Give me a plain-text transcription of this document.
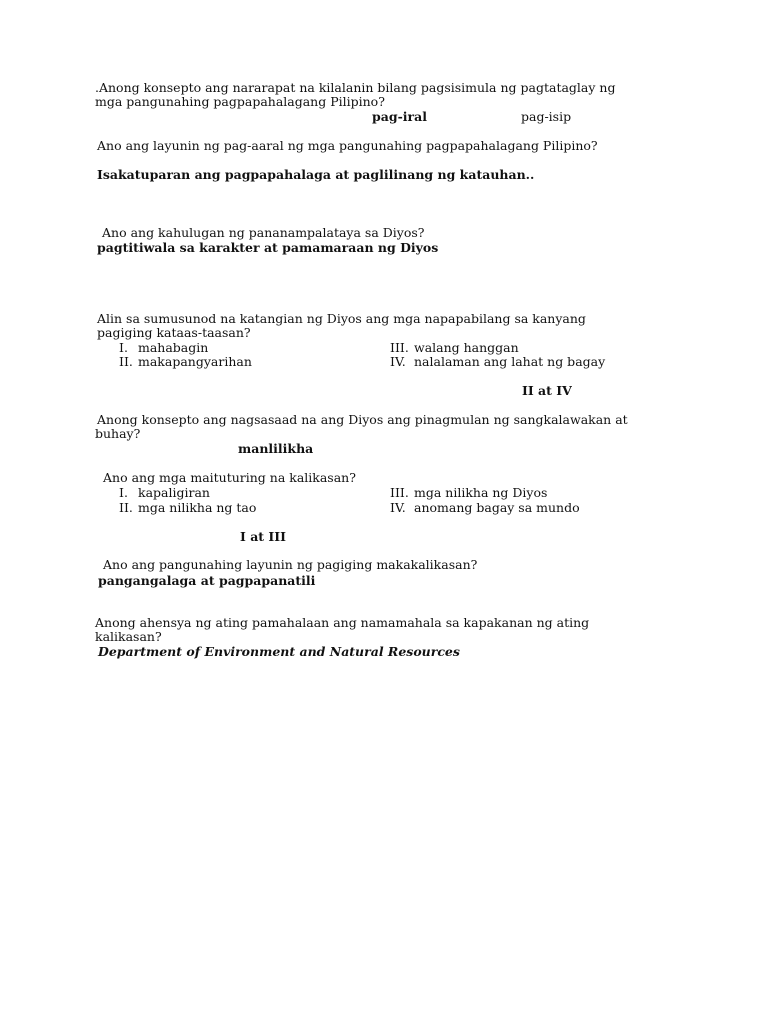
.Anong konsepto ang nararapat na kilalanin bilang pagsisimula ng pagtataglay ng
mga pangunahing pagpapahalagang Pilipino?
pag-iral	pag-isip
Ano ang layunin ng pag-aaral ng mga pangunahing pagpapahalagang Pilipino?
Isakatuparan ang pagpapahalaga at paglilinang ng katauhan..
Ano ang kahulugan ng pananampalataya sa Diyos?
pagtitiwala sa karakter at pamamaraan ng Diyos
Alin sa sumusunod na katangian ng Diyos ang mga napapabilang sa kanyang
pagiging kataas-taasan?
I. mahabagin
II. makapangyarihan
III. walang hanggan
IV. nalalaman ang lahat ng bagay
II at IV
Anong konsepto ang nagsasaad na ang Diyos ang pinagmulan ng sangkalawakan at
buhay?
manlilikha
Ano ang mga maituturing na kalikasan?
I. kapaligiran
II. mga nilikha ng tao
III. mga nilikha ng Diyos
IV. anomang bagay sa mundo
I at III
Ano ang pangunahing layunin ng pagiging makakalikasan?
pangangalaga at pagpapanatili
Anong ahensya ng ating pamahalaan ang namamahala sa kapakanan ng ating
kalikasan?
Department of Environment and Natural Resources
